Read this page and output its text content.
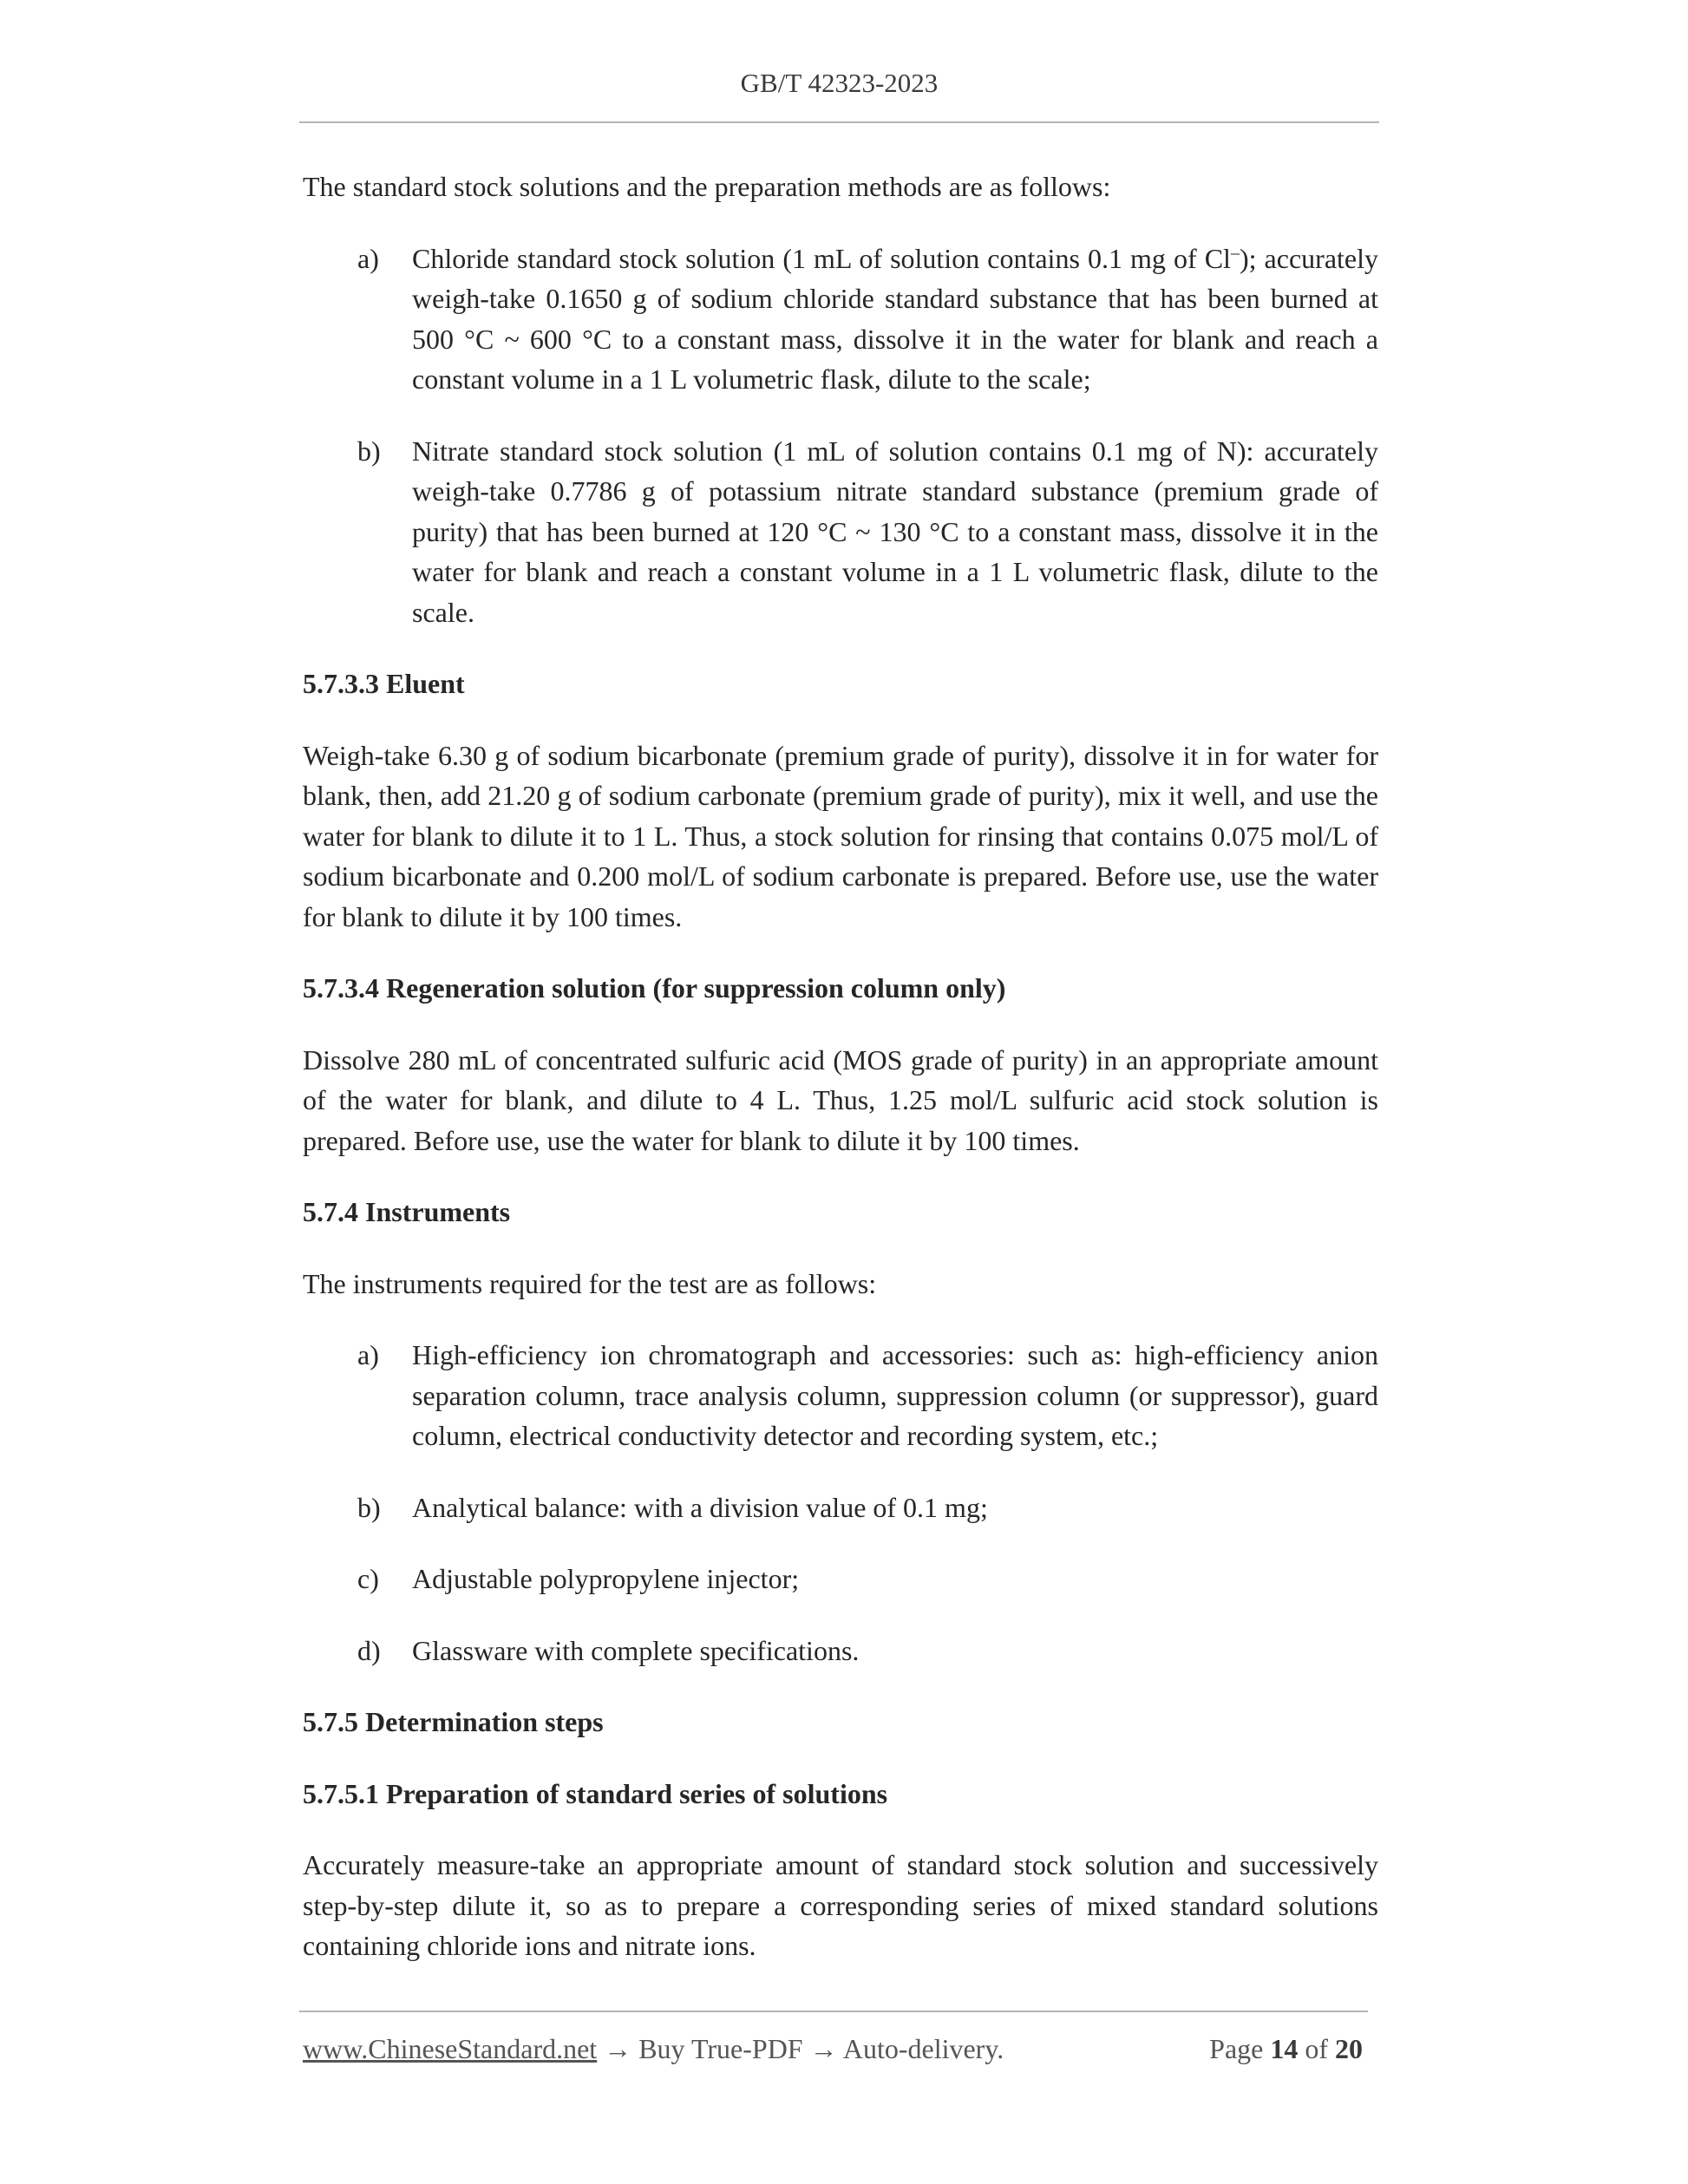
GB/T 42323-2023

The standard stock solutions and the preparation methods are as follows:

a) Chloride standard stock solution (1 mL of solution contains 0.1 mg of Cl–); accurately weigh-take 0.1650 g of sodium chloride standard substance that has been burned at 500 °C ~ 600 °C to a constant mass, dissolve it in the water for blank and reach a constant volume in a 1 L volumetric flask, dilute to the scale;
b) Nitrate standard stock solution (1 mL of solution contains 0.1 mg of N): accurately weigh-take 0.7786 g of potassium nitrate standard substance (premium grade of purity) that has been burned at 120 °C ~ 130 °C to a constant mass, dissolve it in the water for blank and reach a constant volume in a 1 L volumetric flask, dilute to the scale.

5.7.3.3 Eluent

Weigh-take 6.30 g of sodium bicarbonate (premium grade of purity), dissolve it in for water for blank, then, add 21.20 g of sodium carbonate (premium grade of purity), mix it well, and use the water for blank to dilute it to 1 L. Thus, a stock solution for rinsing that contains 0.075 mol/L of sodium bicarbonate and 0.200 mol/L of sodium carbonate is prepared. Before use, use the water for blank to dilute it by 100 times.

5.7.3.4 Regeneration solution (for suppression column only)

Dissolve 280 mL of concentrated sulfuric acid (MOS grade of purity) in an appropriate amount of the water for blank, and dilute to 4 L. Thus, 1.25 mol/L sulfuric acid stock solution is prepared. Before use, use the water for blank to dilute it by 100 times.

5.7.4 Instruments

The instruments required for the test are as follows:

a) High-efficiency ion chromatograph and accessories: such as: high-efficiency anion separation column, trace analysis column, suppression column (or suppressor), guard column, electrical conductivity detector and recording system, etc.;
b) Analytical balance: with a division value of 0.1 mg;
c) Adjustable polypropylene injector;
d) Glassware with complete specifications.

5.7.5 Determination steps

5.7.5.1 Preparation of standard series of solutions

Accurately measure-take an appropriate amount of standard stock solution and successively step-by-step dilute it, so as to prepare a corresponding series of mixed standard solutions containing chloride ions and nitrate ions.

www.ChineseStandard.net → Buy True-PDF → Auto-delivery.	Page 14 of 20
